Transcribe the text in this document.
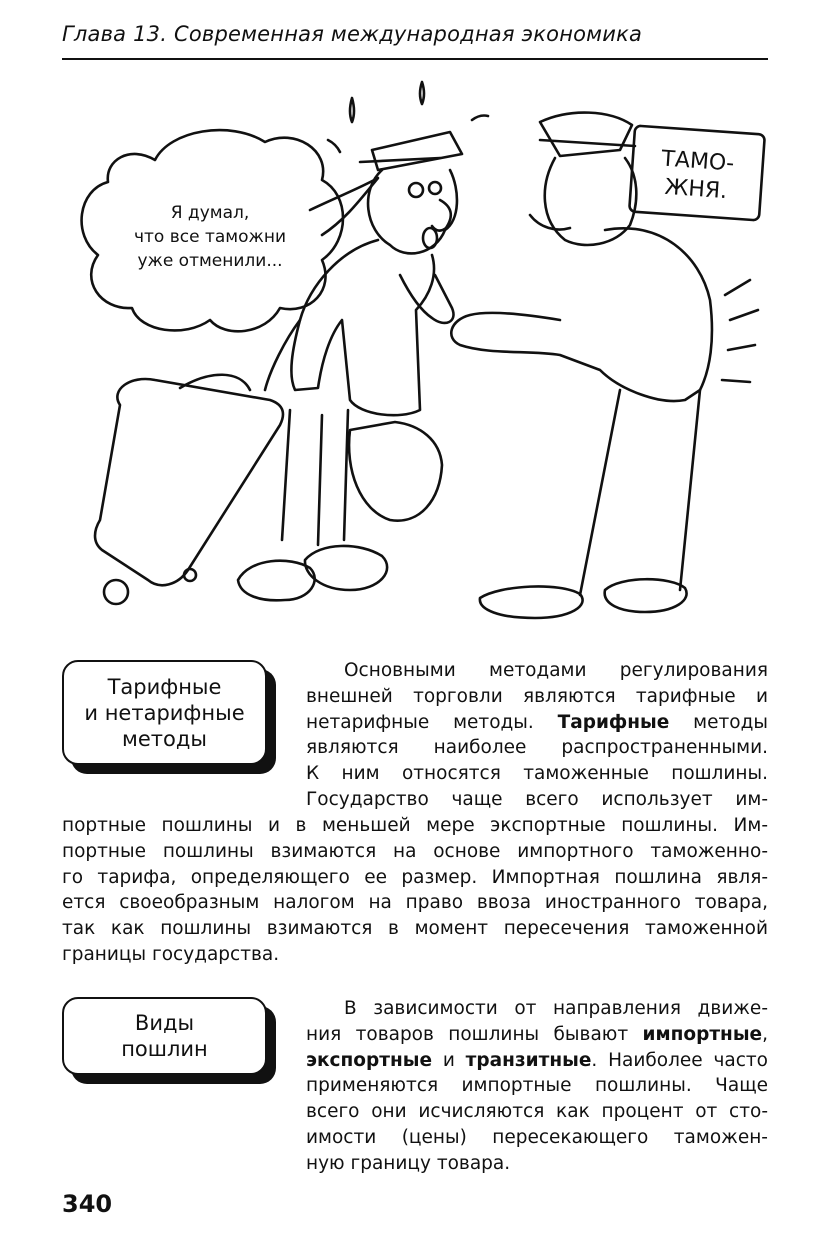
Глава 13. Современная международная экономика
Я думал,
что все таможни
уже отменили...
ТАМО-
ЖНЯ.
Тарифные
и нетарифные
методы
Основными методами регулирования
внешней торговли являются тарифные и
нетарифные методы. Тарифные методы
являются наиболее распространенными.
К ним относятся таможенные пошлины.
Государство чаще всего использует им-
портные пошлины и в меньшей мере экспортные пошлины. Им-
портные пошлины взимаются на основе импортного таможенно-
го тарифа, определяющего ее размер. Импортная пошлина явля-
ется своеобразным налогом на право ввоза иностранного товара,
так как пошлины взимаются в момент пересечения таможенной
границы государства.
Виды
пошлин
В зависимости от направления движе-
ния товаров пошлины бывают импортные,
экспортные и транзитные. Наиболее часто
применяются импортные пошлины. Чаще
всего они исчисляются как процент от сто-
имости (цены) пересекающего таможен-
ную границу товара.
340
